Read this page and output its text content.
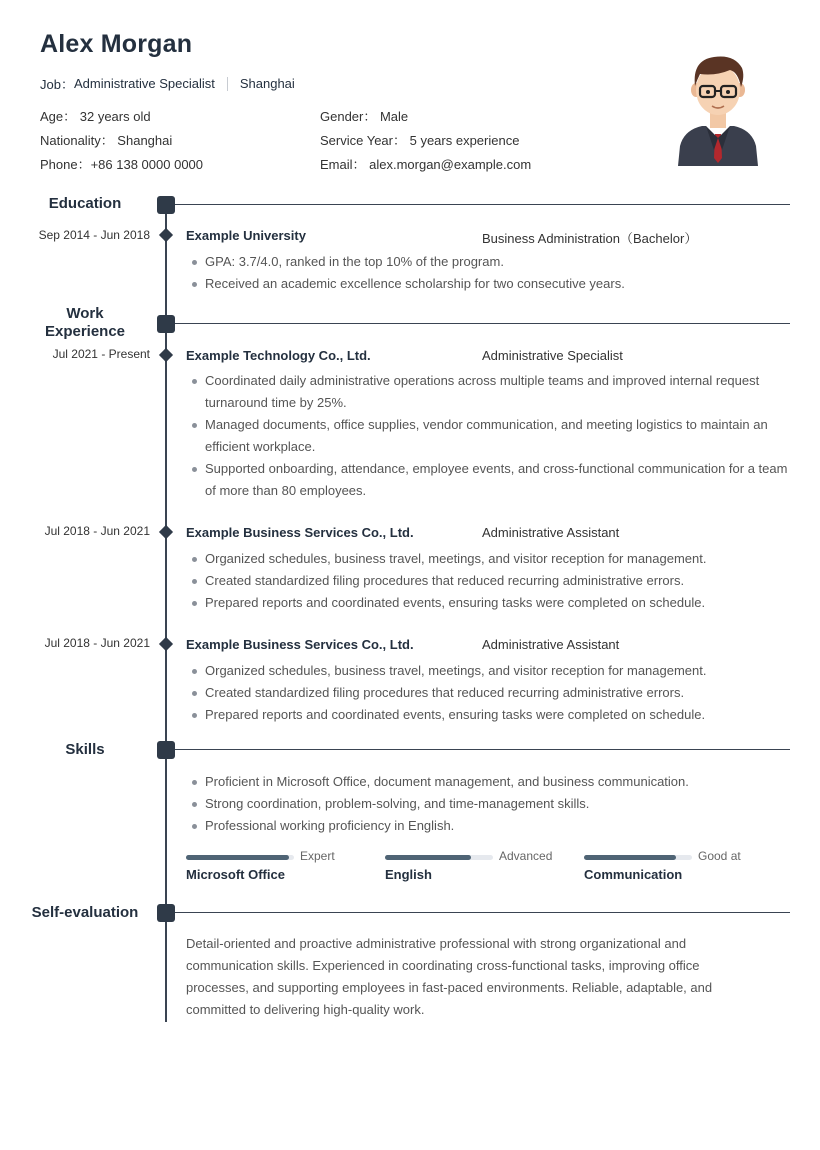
Alex Morgan
Job： Administrative Specialist Shanghai
Age： 32 years old
Nationality： Shanghai
Phone：+86 138 0000 0000
Gender： Male
Service Year： 5 years experience
Email： alex.morgan@example.com
Education
Sep 2014 - Jun 2018	Example University	Business Administration（Bachelor）
GPA: 3.7/4.0, ranked in the top 10% of the program.
Received an academic excellence scholarship for two consecutive years.
Work
Experience
Jul 2021 - Present	Example Technology Co., Ltd.	Administrative Specialist
Coordinated daily administrative operations across multiple teams and improved internal request turnaround time by 25%.
Managed documents, office supplies, vendor communication, and meeting logistics to maintain an efficient workplace.
Supported onboarding, attendance, employee events, and cross-functional communication for a team of more than 80 employees.
Jul 2018 - Jun 2021	Example Business Services Co., Ltd.	Administrative Assistant
Organized schedules, business travel, meetings, and visitor reception for management.
Created standardized filing procedures that reduced recurring administrative errors.
Prepared reports and coordinated events, ensuring tasks were completed on schedule.
Jul 2018 - Jun 2021	Example Business Services Co., Ltd.	Administrative Assistant
Organized schedules, business travel, meetings, and visitor reception for management.
Created standardized filing procedures that reduced recurring administrative errors.
Prepared reports and coordinated events, ensuring tasks were completed on schedule.
Skills
Proficient in Microsoft Office, document management, and business communication.
Strong coordination, problem-solving, and time-management skills.
Professional working proficiency in English.
Expert
Microsoft Office
Advanced
English
Good at
Communication
Self-evaluation
Detail-oriented and proactive administrative professional with strong organizational and communication skills. Experienced in coordinating cross-functional tasks, improving office processes, and supporting employees in fast-paced environments. Reliable, adaptable, and committed to delivering high-quality work.
